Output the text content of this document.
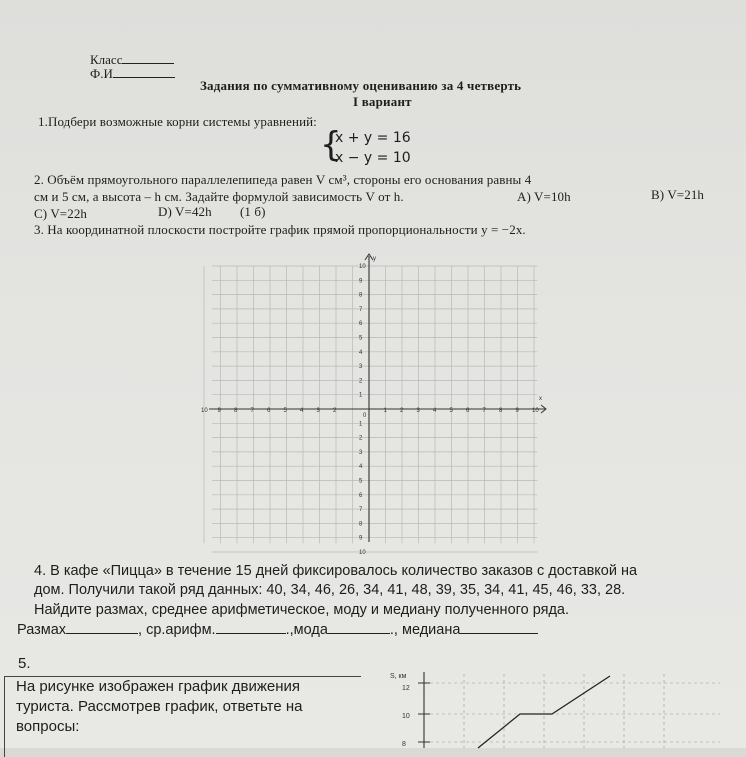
Класс
Ф.И
Задания по суммативному оцениванию за 4 четверть
I вариант
1.Подбери возможные корни системы уравнений:
{
x + y = 16
x − y = 10
2. Объём прямоугольного параллелепипеда равен V см³, стороны его основания равны 4
см и 5 см, а высота – h см. Задайте формулой зависимость V от h.	A) V=10h	B) V=21h
C) V=22h	D) V=42h (1 б)
3. На координатной плоскости постройте график прямой пропорциональности y = −2x.
x
y
0
1 2 3 4 5 6 7 8 9 10
10 9 8 7 6 5 4 3 2
1
2
3
4
5
6
7
8
9
10
1
2
3
4
5
6
7
8
9
10
4. В кафе «Пицца» в течение 15 дней фиксировалось количество заказов с доставкой на
дом. Получили такой ряд данных: 40, 34, 46, 26, 34, 41, 48, 39, 35, 34, 41, 45, 46, 33, 28.
Найдите размах, среднее арифметическое, моду и медиану полученного ряда.
Размах	, ср.арифм.	.,мода	., медиана
5.
На рисунке изображен график движения
туриста. Рассмотрев график, ответьте на
вопросы:
S, км
12
10
8
